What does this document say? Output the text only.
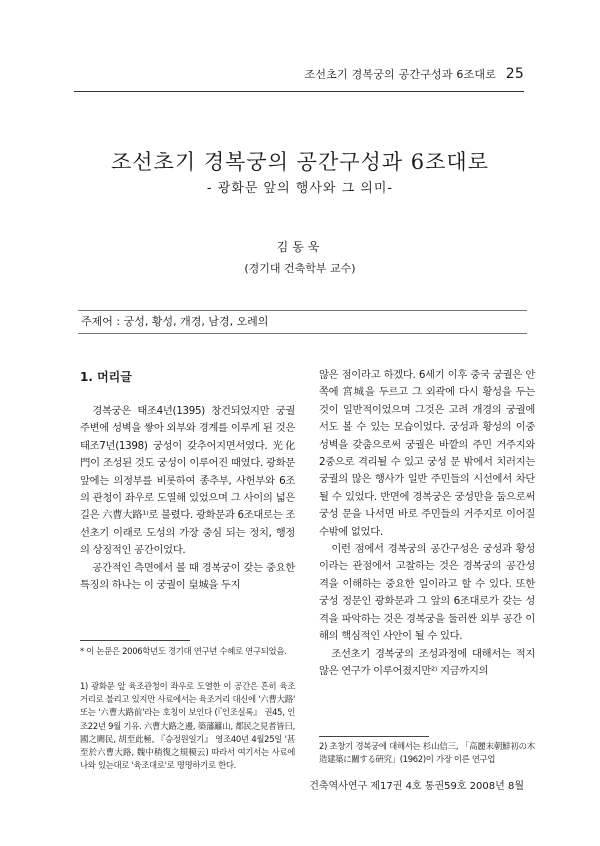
조선초기 경복궁의 공간구성과 6조대로 25
조선초기 경복궁의 공간구성과 6조대로
- 광화문 앞의 행사와 그 의미-
김동욱
(경기대 건축학부 교수)
주제어 : 궁성, 황성, 개경, 남경, 오례의
1. 머리글

경복궁은 태조4년(1395) 창건되었지만 궁궐 주변에 성벽을 쌓아 외부와 경계를 이루게 된 것은 태조7년(1398) 궁성이 갖추어지면서였다. 光化門이 조성된 것도 궁성이 이루어진 때였다. 광화문 앞에는 의정부를 비롯하여 종추부, 사헌부와 6조의 관청이 좌우로 도열해 있었으며 그 사이의 넓은 길은 六曹大路¹⁾로 불렸다. 광화문과 6조대로는 조선초기 이래로 도성의 가장 중심 되는 정치, 행정의 상징적인 공간이었다.

공간적인 측면에서 볼 때 경복궁이 갖는 중요한 특징의 하나는 이 궁궐이 皇城을 두지

않은 점이라고 하겠다. 6세기 이후 중국 궁궐은 안쪽에 宮城을 두르고 그 외곽에 다시 황성을 두는 것이 일반적이었으며 그것은 고려 개경의 궁궐에서도 볼 수 있는 모습이었다. 궁성과 황성의 이중 성벽을 갖춤으로써 궁궐은 바깥의 주민 거주지와 2중으로 격리될 수 있고 궁성 문 밖에서 치러지는 궁궐의 많은 행사가 일반 주민들의 시선에서 차단될 수 있었다. 반면에 경복궁은 궁성만을 둠으로써 궁성 문을 나서면 바로 주민들의 거주지로 이어질 수밖에 없었다.

이런 점에서 경복궁의 공간구성은 궁성과 황성이라는 관점에서 고찰하는 것은 경복궁의 공간성격을 이해하는 중요한 일이라고 할 수 있다. 또한 궁성 정문인 광화문과 그 앞의 6조대로가 갖는 성격을 파악하는 것은 경복궁을 둘러싼 외부 공간 이해의 핵심적인 사안이 될 수 있다.

조선초기 경복궁의 조성과정에 대해서는 적지 않은 연구가 이루어졌지만²⁾ 지금까지의

* 이 논문은 2006학년도 경기대 연구년 수혜로 연구되었음.
1) 광화문 앞 육조관청이 좌우로 도열한 이 공간은 흔히 육조거리로 불리고 있지만 사료에서는 육조거리 대신에 '六曹大路' 또는 '六曹大路前'라는 호칭이 보인다 (『인조실록』 권45, 인조22년 9월 기유. 六曹大路之邊, 築藩籬山, 都民之見者皆曰, 國之闕民, 胡至此極, 『승정원일기』 영조40년 4월25일 '甚至於六曹大路, 魏中稍復之規模云) 따라서 여기서는 사료에 나와 있는대로 '육조대로'로 명명하기로 한다.
2) 초창기 경복궁에 대해서는 杉山信三, 「高麗末朝鮮初の木造建築に關する硏究」(1962)이 가장 이른 연구업
건축역사연구 제17권 4호 통권59호 2008년 8월
